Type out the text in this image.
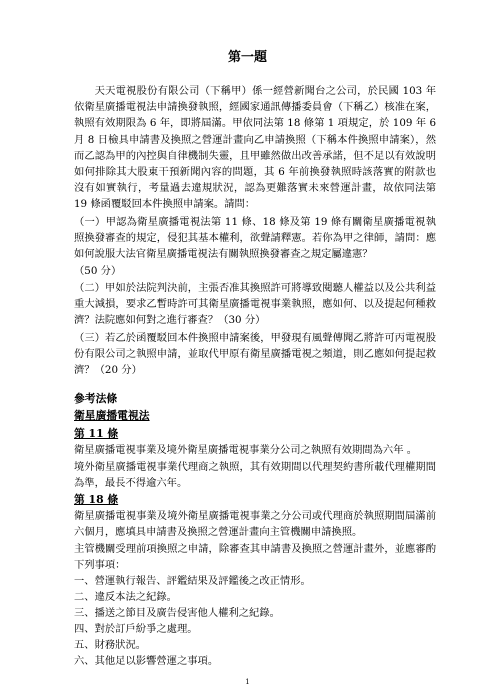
第一題
天天電視股份有限公司（下稱甲）係一經營新聞台之公司，於民國 103 年依衛星廣播電視法申請換發執照，經國家通訊傳播委員會（下稱乙）核准在案，執照有效期限為 6 年，即將屆滿。甲依同法第 18 條第 1 項規定，於 109 年 6 月 8 日檢具申請書及換照之營運計畫向乙申請換照（下稱本件換照申請案），然而乙認為甲的內控與自律機制失靈，且甲雖然做出改善承諾，但不足以有效說明如何排除其大股東干預新聞內容的問題，其 6 年前換發執照時該落實的附款也沒有如實執行，考量過去違規狀況，認為更難落實未來營運計畫，故依同法第 19 條函覆駁回本件換照申請案。請問：
（一）甲認為衛星廣播電視法第 11 條、18 條及第 19 條有關衛星廣播電視執照換發審查的規定，侵犯其基本權利，欲聲請釋憲。若你為甲之律師，請問：應如何說服大法官衛星廣播電視法有關執照換發審查之規定屬違憲？
（50 分）
（二）甲如於法院判決前，主張否准其換照許可將導致閱聽人權益以及公共利益重大減損，要求乙暫時許可其衛星廣播電視事業執照，應如何、以及提起何種救濟？法院應如何對之進行審查？（30 分）
（三）若乙於函覆駁回本件換照申請案後，甲發現有風聲傳聞乙將許可丙電視股份有限公司之執照申請，並取代甲原有衛星廣播電視之頻道，則乙應如何提起救濟？（20 分）
參考法條
衛星廣播電視法
第 11 條
衛星廣播電視事業及境外衛星廣播電視事業分公司之執照有效期間為六年 。
境外衛星廣播電視事業代理商之執照，其有效期間以代理契約書所載代理權期間為準，最長不得逾六年。
第 18 條
衛星廣播電視事業及境外衛星廣播電視事業之分公司或代理商於執照期間屆滿前六個月，應填具申請書及換照之營運計畫向主管機關申請換照。
主管機關受理前項換照之申請，除審查其申請書及換照之營運計畫外，並應審酌下列事項：
一、營運執行報告、評鑑結果及評鑑後之改正情形。
二、違反本法之紀錄。
三、播送之節目及廣告侵害他人權利之紀錄。
四、對於訂戶紛爭之處理。
五、財務狀況。
六、其他足以影響營運之事項。
1
